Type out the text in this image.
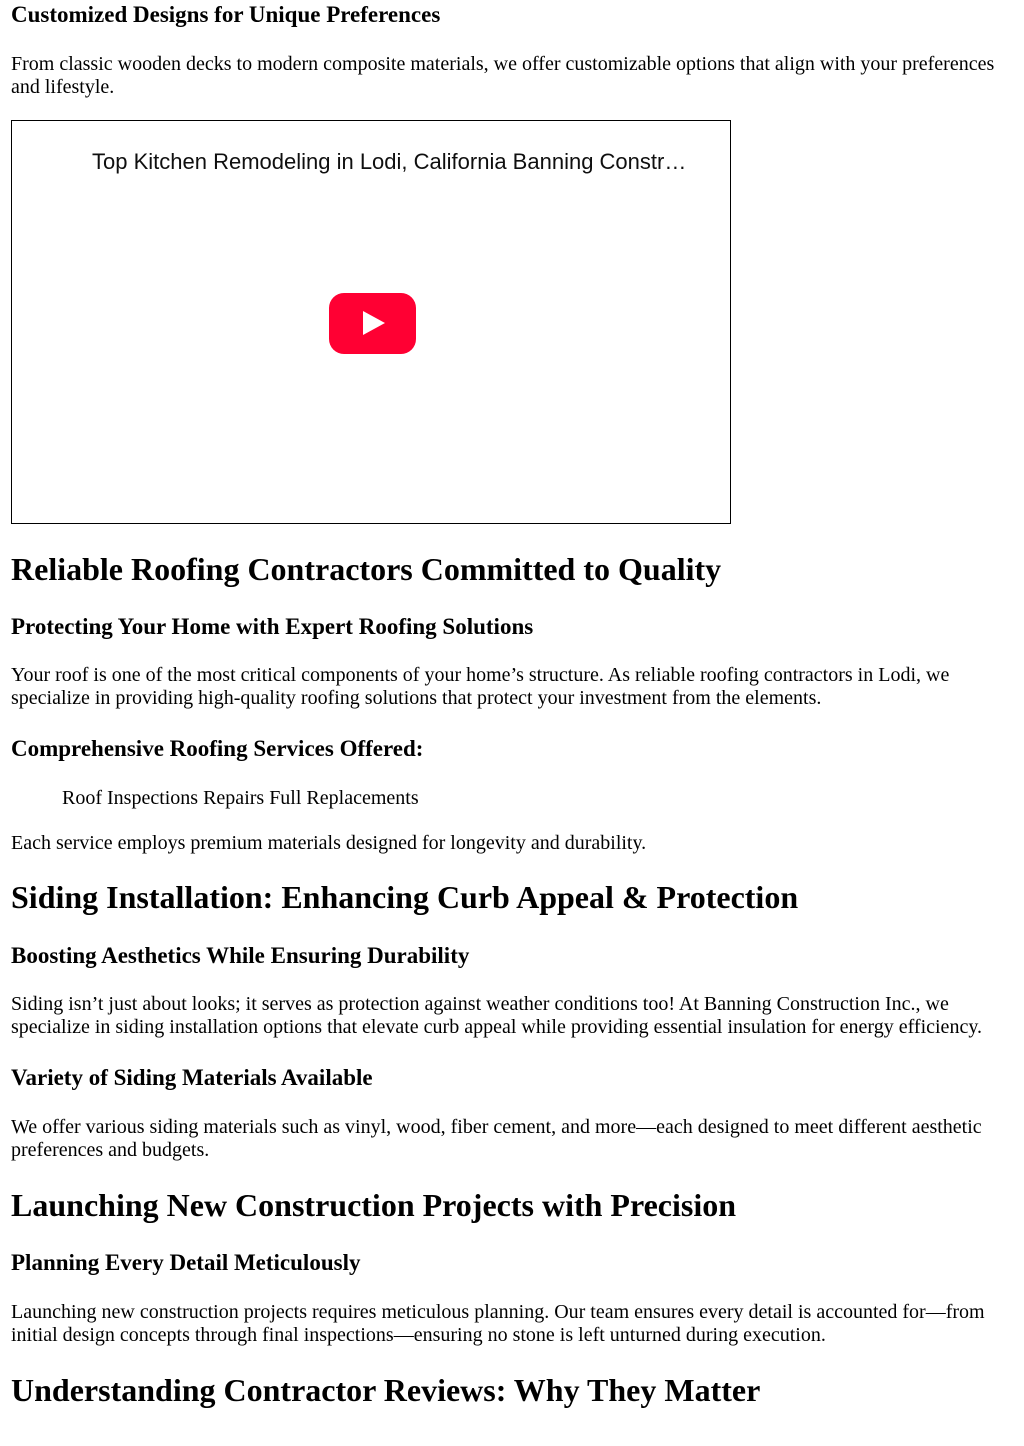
Customized Designs for Unique Preferences

From classic wooden decks to modern composite materials, we offer customizable options that align with your preferences and lifestyle.

Top Kitchen Remodeling in Lodi, California Banning Constr…
Reliable Roofing Contractors Committed to Quality
Protecting Your Home with Expert Roofing Solutions

Your roof is one of the most critical components of your home’s structure. As reliable roofing contractors in Lodi, we specialize in providing high-quality roofing solutions that protect your investment from the elements.

Comprehensive Roofing Services Offered:

Roof Inspections Repairs Full Replacements

Each service employs premium materials designed for longevity and durability.

Siding Installation: Enhancing Curb Appeal & Protection
Boosting Aesthetics While Ensuring Durability

Siding isn’t just about looks; it serves as protection against weather conditions too! At Banning Construction Inc., we specialize in siding installation options that elevate curb appeal while providing essential insulation for energy efficiency.

Variety of Siding Materials Available

We offer various siding materials such as vinyl, wood, fiber cement, and more—each designed to meet different aesthetic preferences and budgets.

Launching New Construction Projects with Precision
Planning Every Detail Meticulously

Launching new construction projects requires meticulous planning. Our team ensures every detail is accounted for—from initial design concepts through final inspections—ensuring no stone is left unturned during execution.

Understanding Contractor Reviews: Why They Matter
